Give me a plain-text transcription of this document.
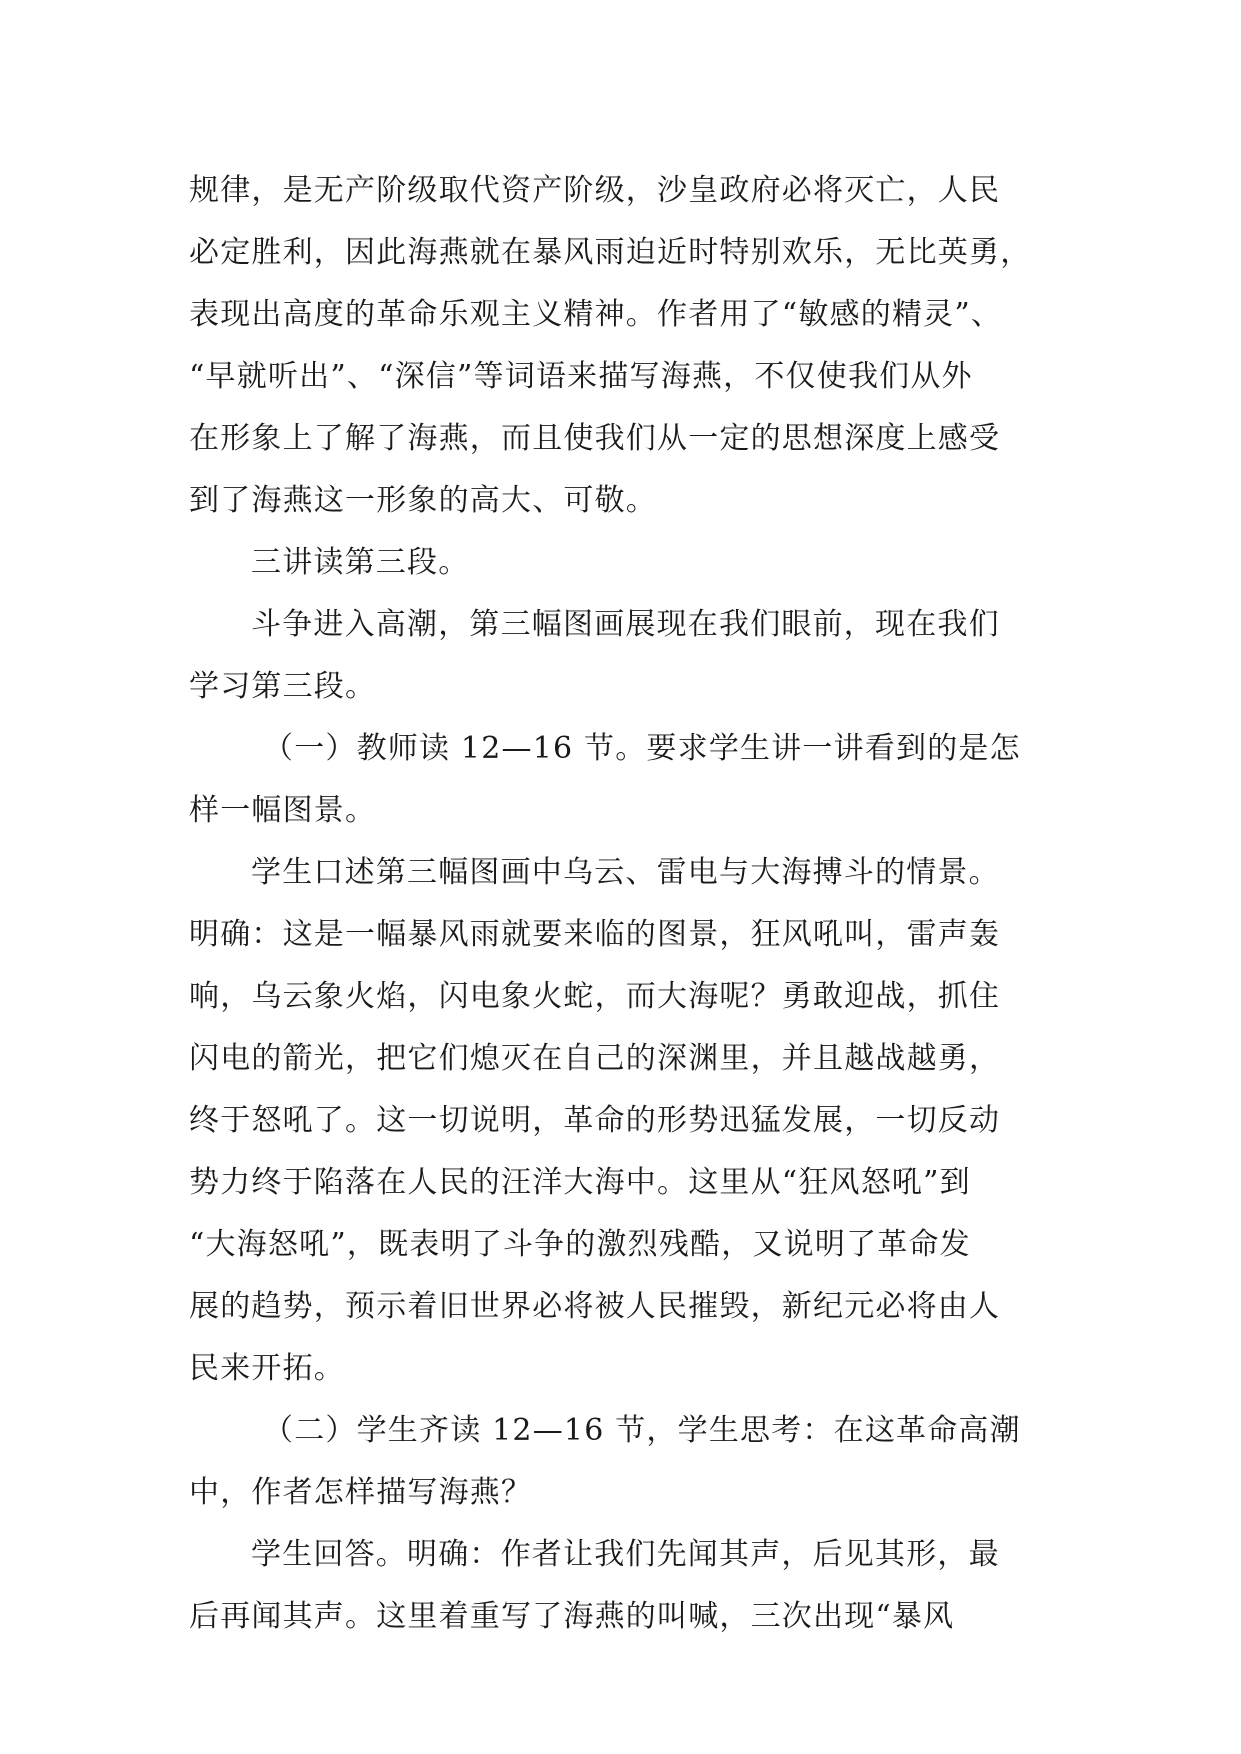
规律，是无产阶级取代资产阶级，沙皇政府必将灭亡，人民
必定胜利，因此海燕就在暴风雨迫近时特别欢乐，无比英勇，
表现出高度的革命乐观主义精神。作者用了“敏感的精灵”、
“早就听出”、“深信”等词语来描写海燕，不仅使我们从外
在形象上了解了海燕，而且使我们从一定的思想深度上感受
到了海燕这一形象的高大、可敬。
三讲读第三段。
斗争进入高潮，第三幅图画展现在我们眼前，现在我们
学习第三段。
（一）教师读 12—16 节。要求学生讲一讲看到的是怎
样一幅图景。
学生口述第三幅图画中乌云、雷电与大海搏斗的情景。
明确：这是一幅暴风雨就要来临的图景，狂风吼叫，雷声轰
响，乌云象火焰，闪电象火蛇，而大海呢？勇敢迎战，抓住
闪电的箭光，把它们熄灭在自己的深渊里，并且越战越勇，
终于怒吼了。这一切说明，革命的形势迅猛发展，一切反动
势力终于陷落在人民的汪洋大海中。这里从“狂风怒吼”到
“大海怒吼”，既表明了斗争的激烈残酷，又说明了革命发
展的趋势，预示着旧世界必将被人民摧毁，新纪元必将由人
民来开拓。
（二）学生齐读 12—16 节，学生思考：在这革命高潮
中，作者怎样描写海燕？
学生回答。明确：作者让我们先闻其声，后见其形，最
后再闻其声。这里着重写了海燕的叫喊，三次出现“暴风
